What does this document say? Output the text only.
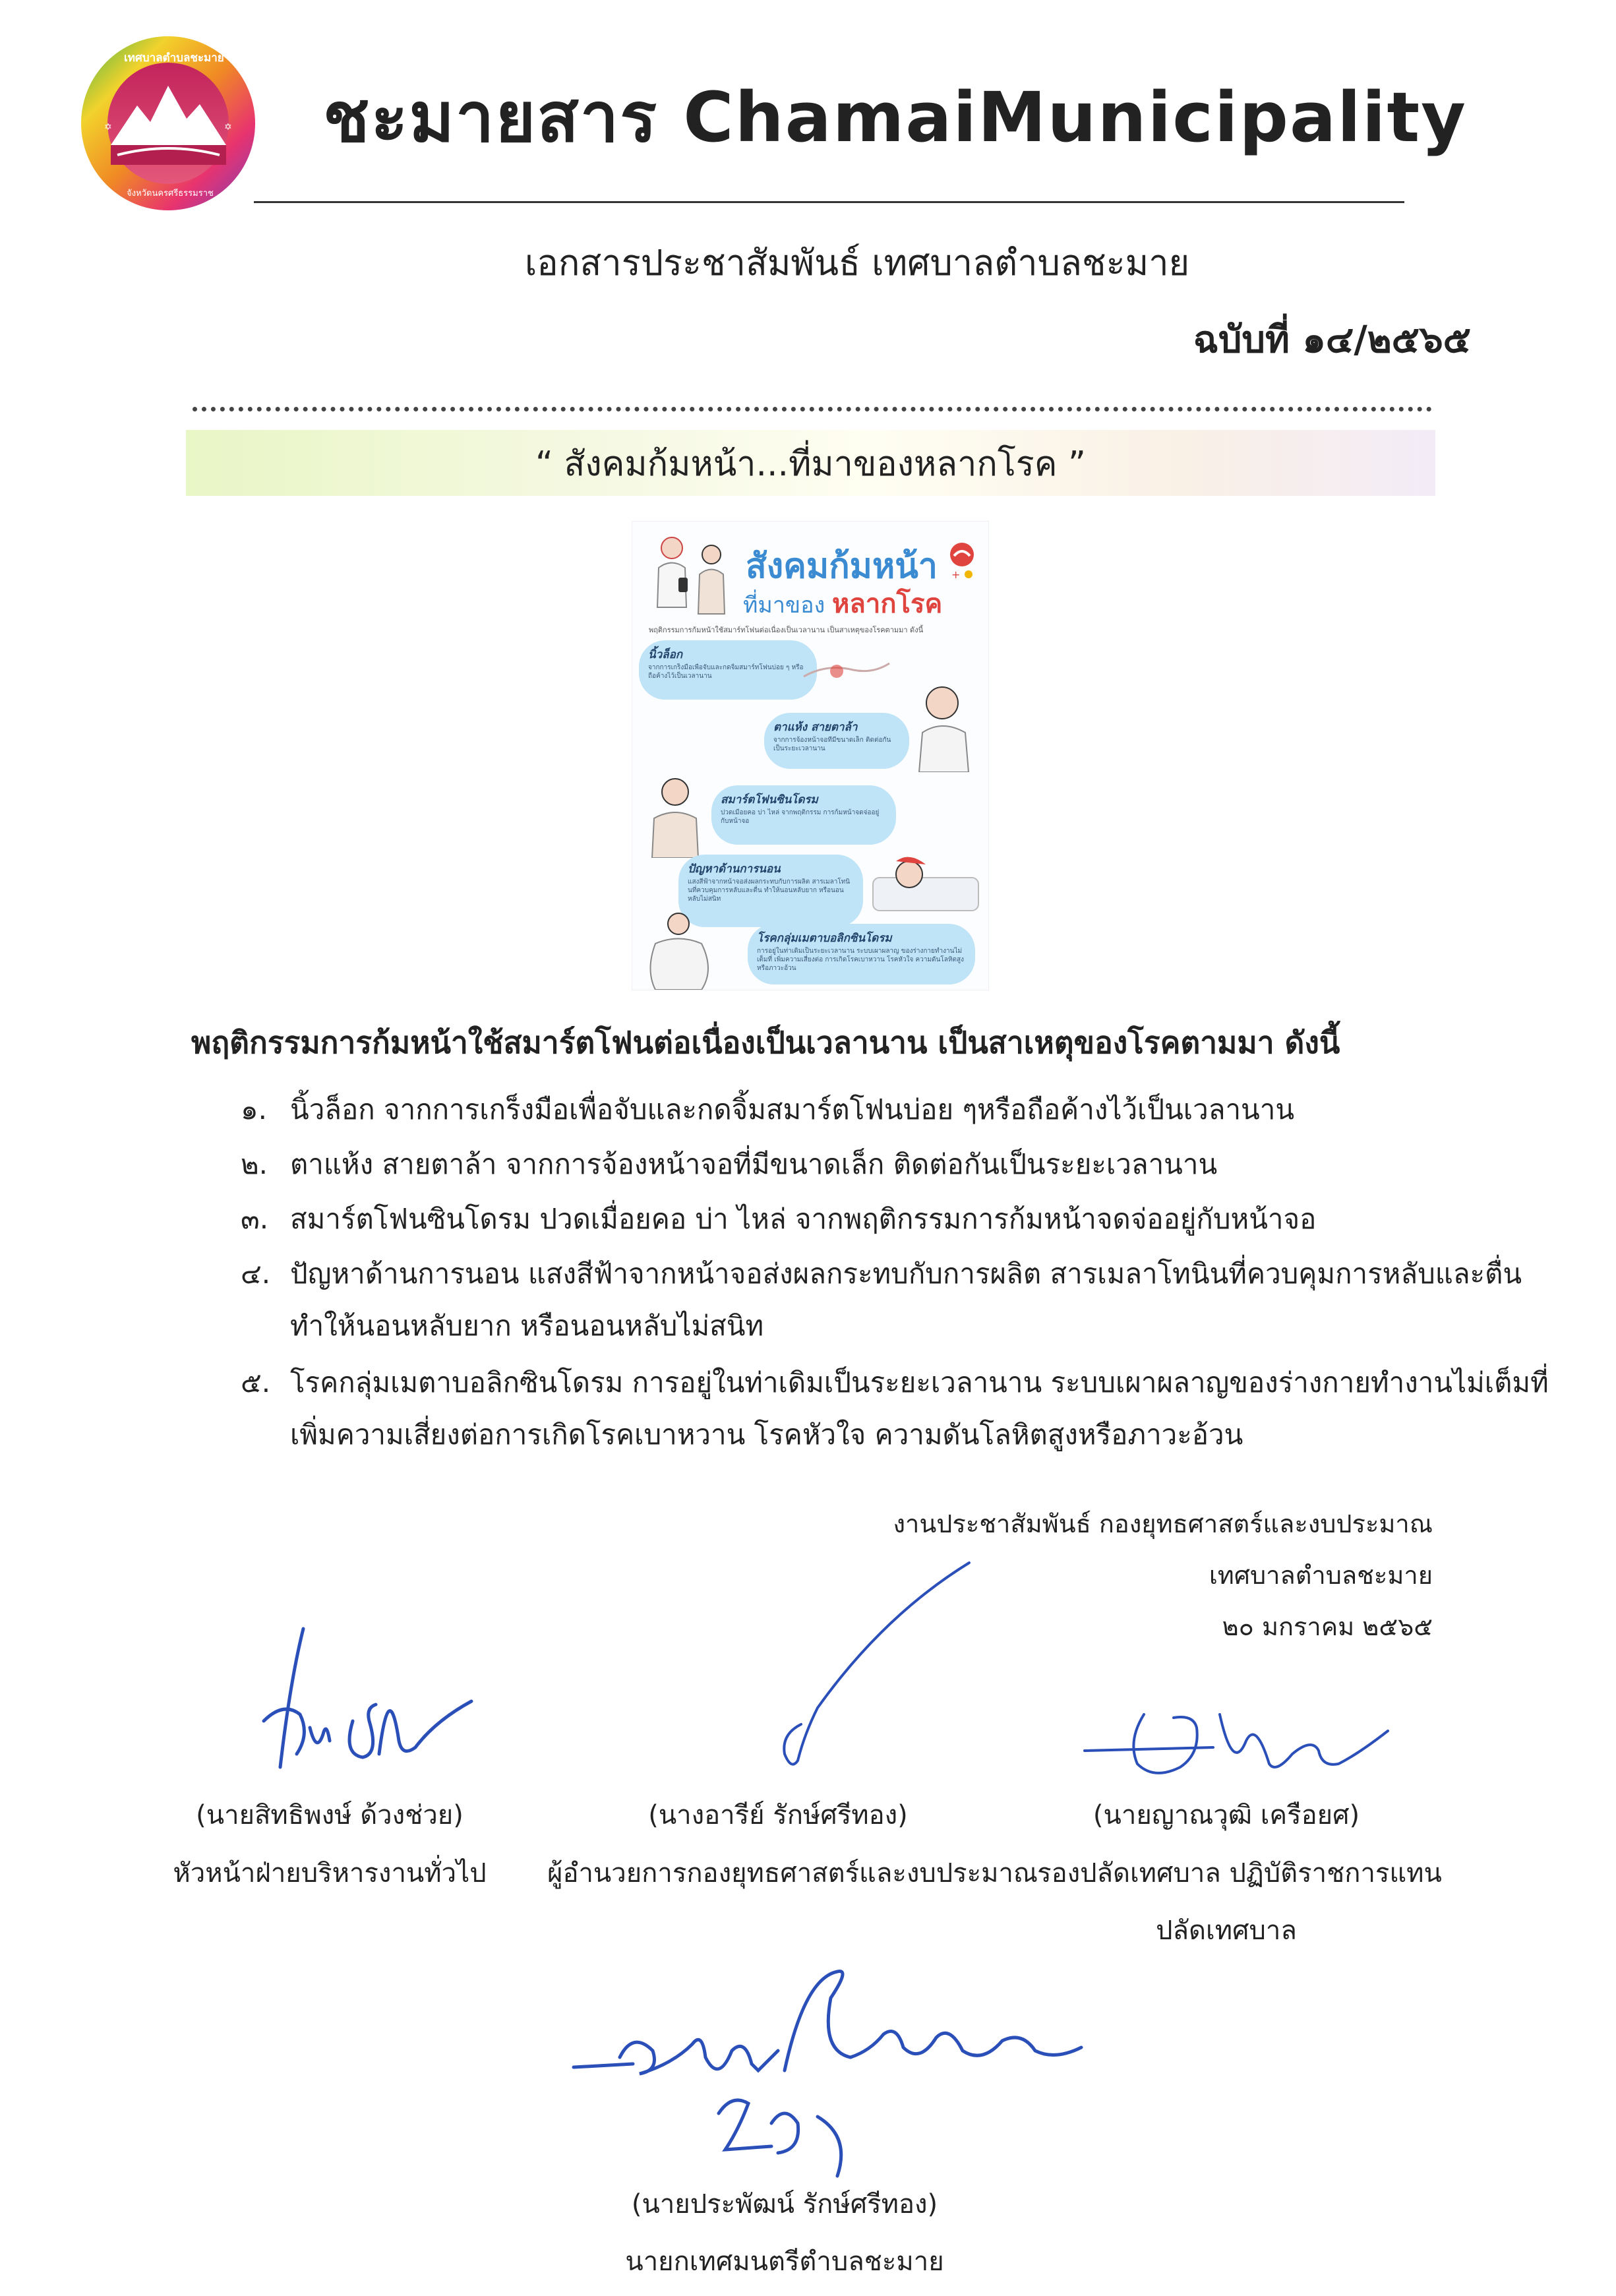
✡	✡
เทศบาลตำบลชะมาย
จังหวัดนครศรีธรรมราช
ชะมายสาร ChamaiMunicipality
เอกสารประชาสัมพันธ์ เทศบาลตำบลชะมาย
ฉบับที่ ๑๔/๒๕๖๕
“ สังคมก้มหน้า...ที่มาของหลากโรค ”
สังคมก้มหน้า
ที่มาของ หลากโรค
+
พฤติกรรมการก้มหน้าใช้สมาร์ทโฟนต่อเนื่องเป็นเวลานาน เป็นสาเหตุของโรคตามมา ดังนี้
นิ้วล็อก
จากการเกร็งมือเพื่อจับและกดจิ้มสมาร์ทโฟนบ่อย ๆ หรือถือค้างไว้เป็นเวลานาน
ตาแห้ง สายตาล้า
จากการจ้องหน้าจอที่มีขนาดเล็ก ติดต่อกันเป็นระยะเวลานาน
สมาร์ตโฟนซินโดรม
ปวดเมื่อยคอ บ่า ไหล่ จากพฤติกรรม การก้มหน้าจดจ่ออยู่กับหน้าจอ
ปัญหาด้านการนอน
แสงสีฟ้าจากหน้าจอส่งผลกระทบกับการผลิต สารเมลาโทนินที่ควบคุมการหลับและตื่น ทำให้นอนหลับยาก หรือนอนหลับไม่สนิท
โรคกลุ่มเมตาบอลิกซินโดรม
การอยู่ในท่าเดิมเป็นระยะเวลานาน ระบบเผาผลาญ ของร่างกายทำงานไม่เต็มที่ เพิ่มความเสี่ยงต่อ การเกิดโรคเบาหวาน โรคหัวใจ ความดันโลหิตสูง หรือภาวะอ้วน
พฤติกรรมการก้มหน้าใช้สมาร์ตโฟนต่อเนื่องเป็นเวลานาน เป็นสาเหตุของโรคตามมา ดังนี้
๑. นิ้วล็อก จากการเกร็งมือเพื่อจับและกดจิ้มสมาร์ตโฟนบ่อย ๆหรือถือค้างไว้เป็นเวลานาน
๒. ตาแห้ง สายตาล้า จากการจ้องหน้าจอที่มีขนาดเล็ก ติดต่อกันเป็นระยะเวลานาน
๓. สมาร์ตโฟนซินโดรม ปวดเมื่อยคอ บ่า ไหล่ จากพฤติกรรมการก้มหน้าจดจ่ออยู่กับหน้าจอ
๔. ปัญหาด้านการนอน แสงสีฟ้าจากหน้าจอส่งผลกระทบกับการผลิต สารเมลาโทนินที่ควบคุมการหลับและตื่น
ทำให้นอนหลับยาก หรือนอนหลับไม่สนิท
๕. โรคกลุ่มเมตาบอลิกซินโดรม การอยู่ในท่าเดิมเป็นระยะเวลานาน ระบบเผาผลาญของร่างกายทำงานไม่เต็มที่
เพิ่มความเสี่ยงต่อการเกิดโรคเบาหวาน โรคหัวใจ ความดันโลหิตสูงหรือภาวะอ้วน
งานประชาสัมพันธ์ กองยุทธศาสตร์และงบประมาณ
เทศบาลตำบลชะมาย
๒๐ มกราคม ๒๕๖๕
(นายสิทธิพงษ์ ด้วงช่วย)
หัวหน้าฝ่ายบริหารงานทั่วไป
(นางอารีย์ รักษ์ศรีทอง)
ผู้อำนวยการกองยุทธศาสตร์และงบประมาณ
(นายญาณวุฒิ เครือยศ)
รองปลัดเทศบาล ปฏิบัติราชการแทน
ปลัดเทศบาล
(นายประพัฒน์ รักษ์ศรีทอง)
นายกเทศมนตรีตำบลชะมาย
